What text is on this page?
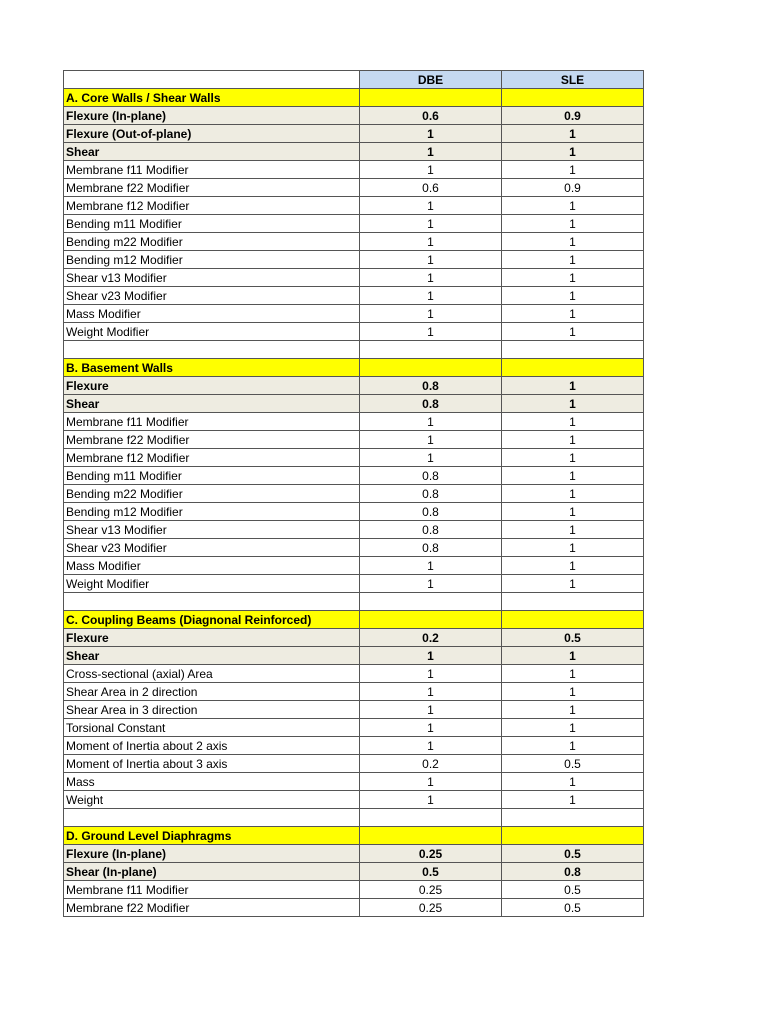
	DBE	SLE
A. Core Walls / Shear Walls		
Flexure (In-plane)	0.6	0.9
Flexure (Out-of-plane)	1	1
Shear	1	1
Membrane f11 Modifier	1	1
Membrane f22 Modifier	0.6	0.9
Membrane f12 Modifier	1	1
Bending m11 Modifier	1	1
Bending m22 Modifier	1	1
Bending m12 Modifier	1	1
Shear v13 Modifier	1	1
Shear v23 Modifier	1	1
Mass Modifier	1	1
Weight Modifier	1	1

B. Basement Walls		
Flexure	0.8	1
Shear	0.8	1
Membrane f11 Modifier	1	1
Membrane f22 Modifier	1	1
Membrane f12 Modifier	1	1
Bending m11 Modifier	0.8	1
Bending m22 Modifier	0.8	1
Bending m12 Modifier	0.8	1
Shear v13 Modifier	0.8	1
Shear v23 Modifier	0.8	1
Mass Modifier	1	1
Weight Modifier	1	1

C. Coupling Beams (Diagnonal Reinforced)		
Flexure	0.2	0.5
Shear	1	1
Cross-sectional (axial) Area	1	1
Shear Area in 2 direction	1	1
Shear Area in 3 direction	1	1
Torsional Constant	1	1
Moment of Inertia about 2 axis	1	1
Moment of Inertia about 3 axis	0.2	0.5
Mass	1	1
Weight	1	1

D. Ground Level Diaphragms		
Flexure (In-plane)	0.25	0.5
Shear (In-plane)	0.5	0.8
Membrane f11 Modifier	0.25	0.5
Membrane f22 Modifier	0.25	0.5
